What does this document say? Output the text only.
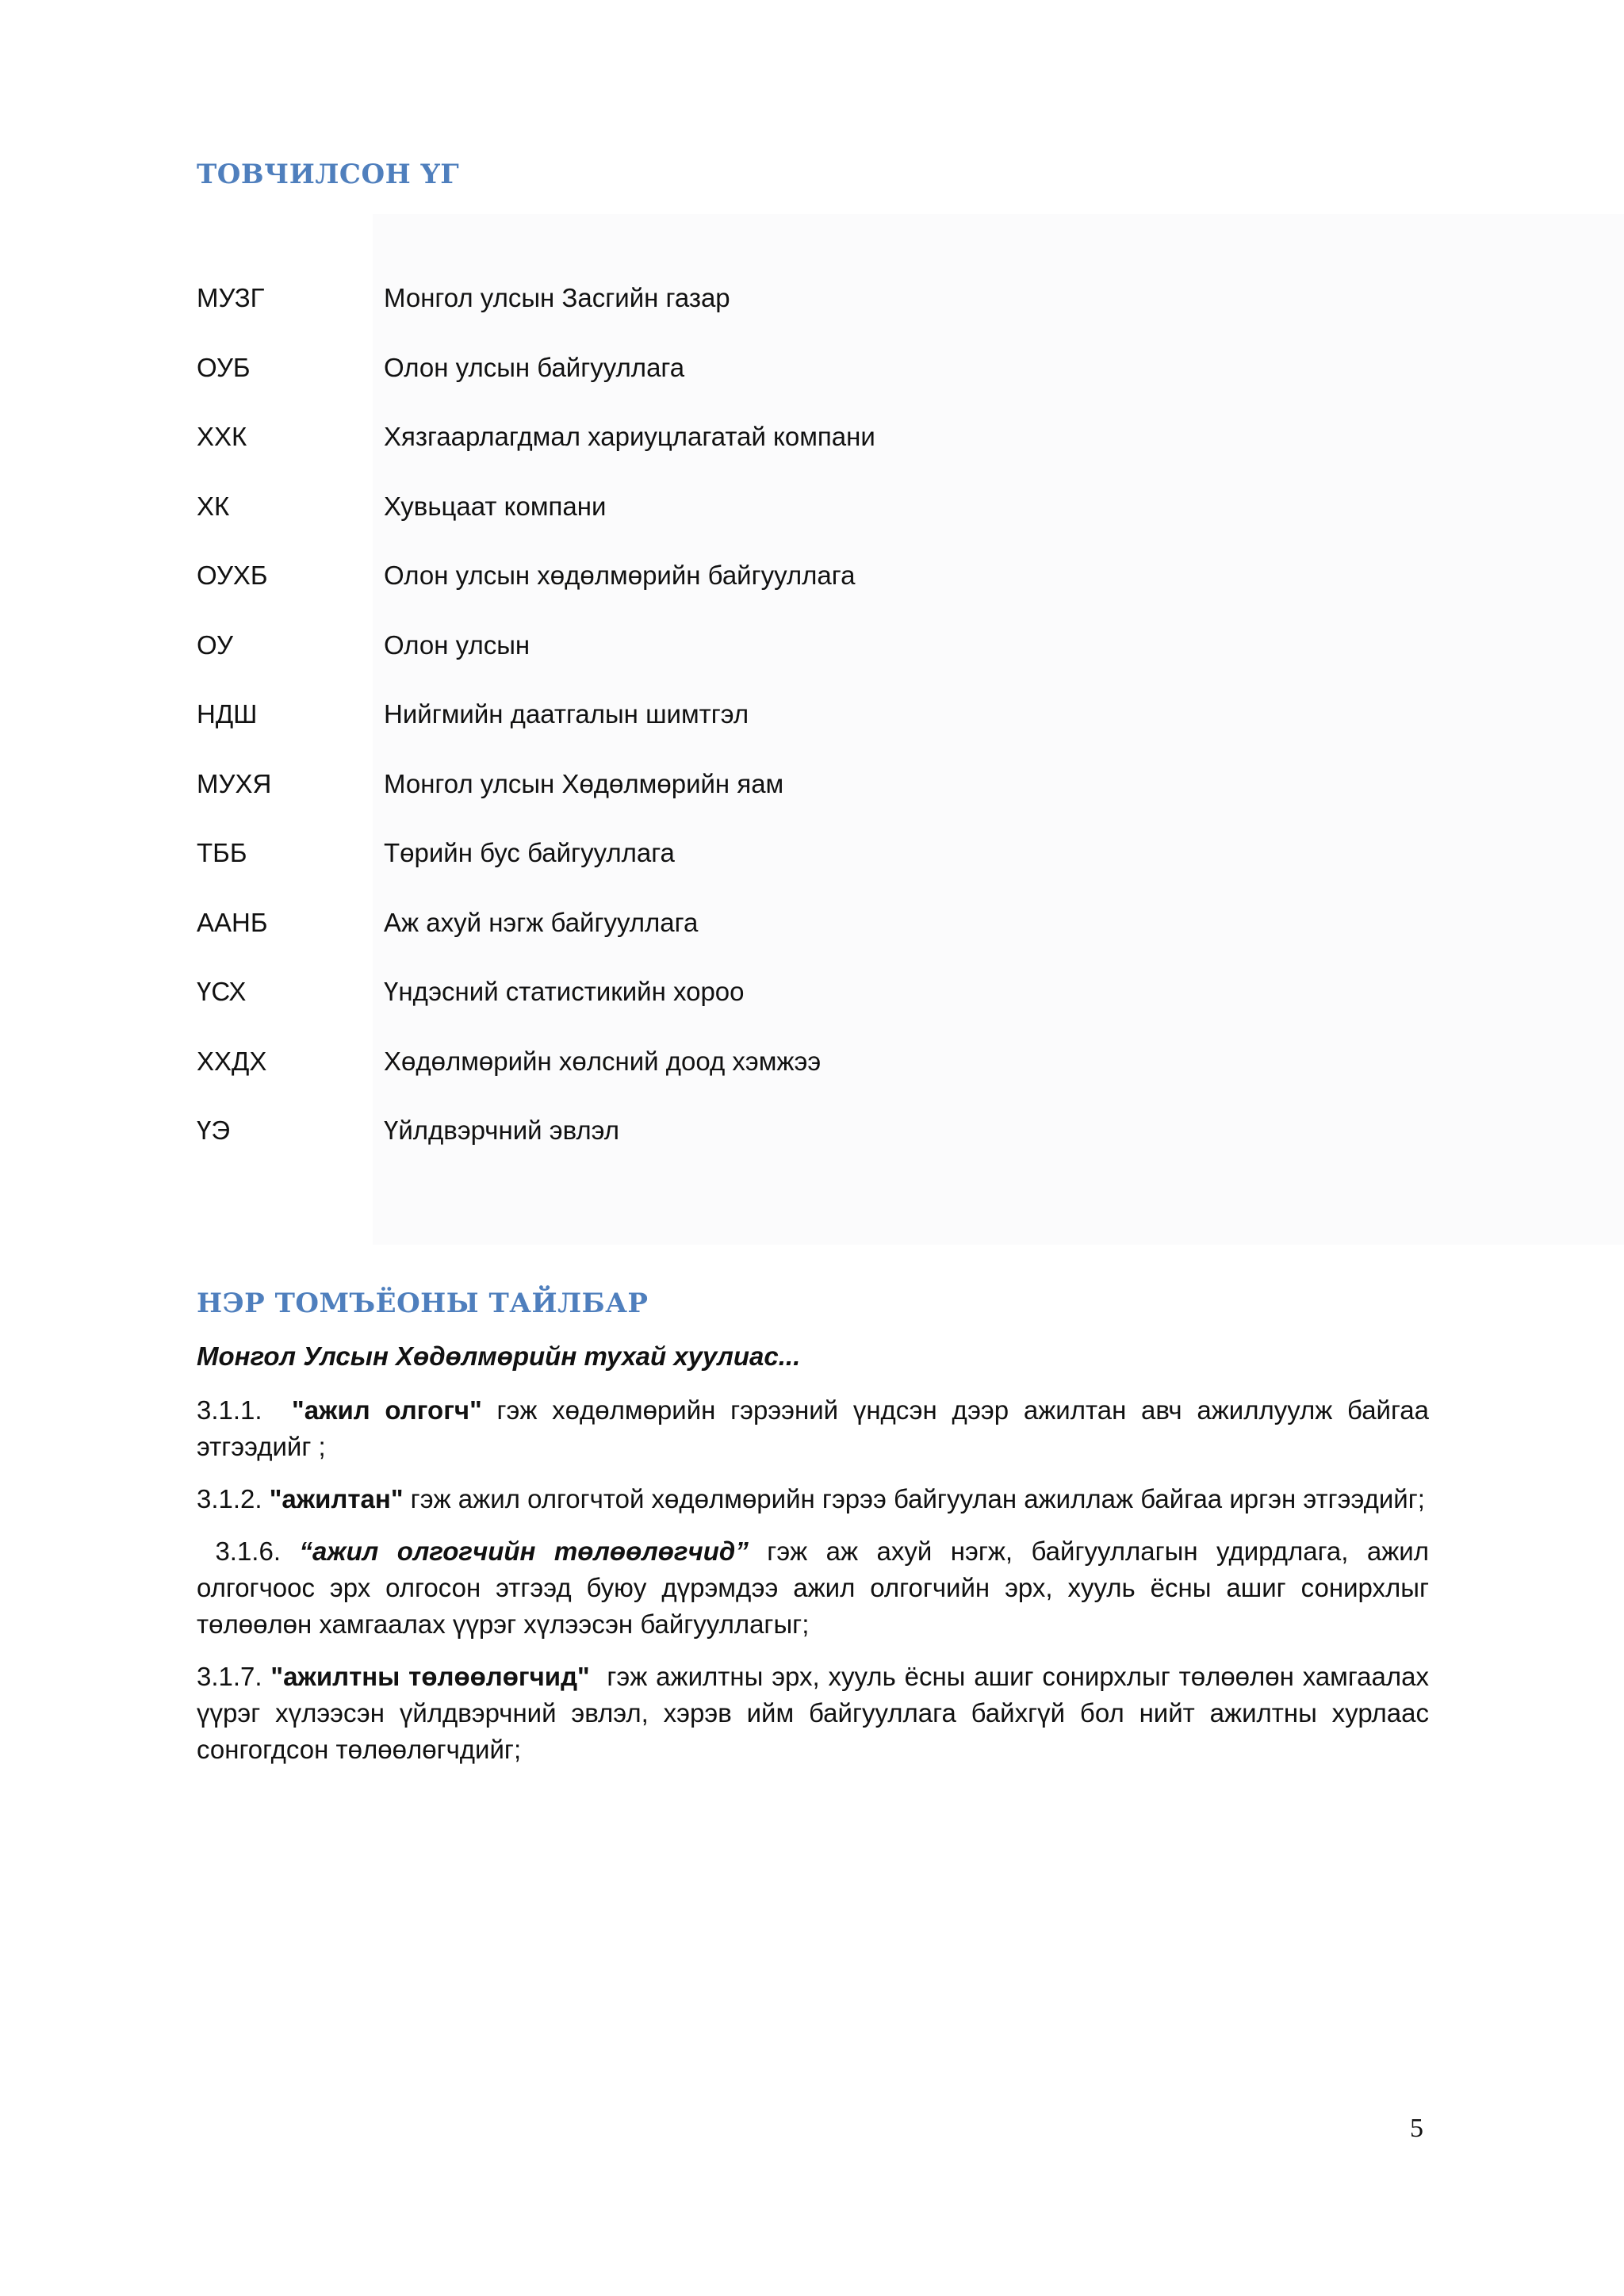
ТОВЧИЛСОН ҮГ
МУЗГ	Монгол улсын Засгийн газар
ОУБ	Олон улсын байгууллага
ХХК	Хязгаарлагдмал хариуцлагатай компани
ХК	Хувьцаат компани
ОУХБ	Олон улсын хөдөлмөрийн байгууллага
ОУ	Олон улсын
НДШ	Нийгмийн даатгалын шимтгэл
МУХЯ	Монгол улсын Хөдөлмөрийн яам
ТББ	Төрийн бус байгууллага
ААНБ	Аж ахуй нэгж байгууллага
ҮСХ	Үндэсний статистикийн хороо
ХХДХ	Хөдөлмөрийн хөлсний доод хэмжээ
ҮЭ	Үйлдвэрчний эвлэл
НЭР ТОМЪЁОНЫ ТАЙЛБАР

Монгол Улсын Хөдөлмөрийн тухай хуулиас...

3.1.1. "ажил олгогч" гэж хөдөлмөрийн гэрээний үндсэн дээр ажилтан авч ажиллуулж байгаа этгээдийг ;

3.1.2. "ажилтан" гэж ажил олгогчтой хөдөлмөрийн гэрээ байгуулан ажиллаж байгаа иргэн этгээдийг;

3.1.6. “ажил олгогчийн төлөөлөгчид” гэж аж ахуй нэгж, байгууллагын удирдлага, ажил олгогчоос эрх олгосон этгээд буюу дүрэмдээ ажил олгогчийн эрх, хууль ёсны ашиг сонирхлыг төлөөлөн хамгаалах үүрэг хүлээсэн байгууллагыг;

3.1.7. "ажилтны төлөөлөгчид" гэж ажилтны эрх, хууль ёсны ашиг сонирхлыг төлөөлөн хамгаалах үүрэг хүлээсэн үйлдвэрчний эвлэл, хэрэв ийм байгууллага байхгүй бол нийт ажилтны хурлаас сонгогдсон төлөөлөгчдийг;

5
